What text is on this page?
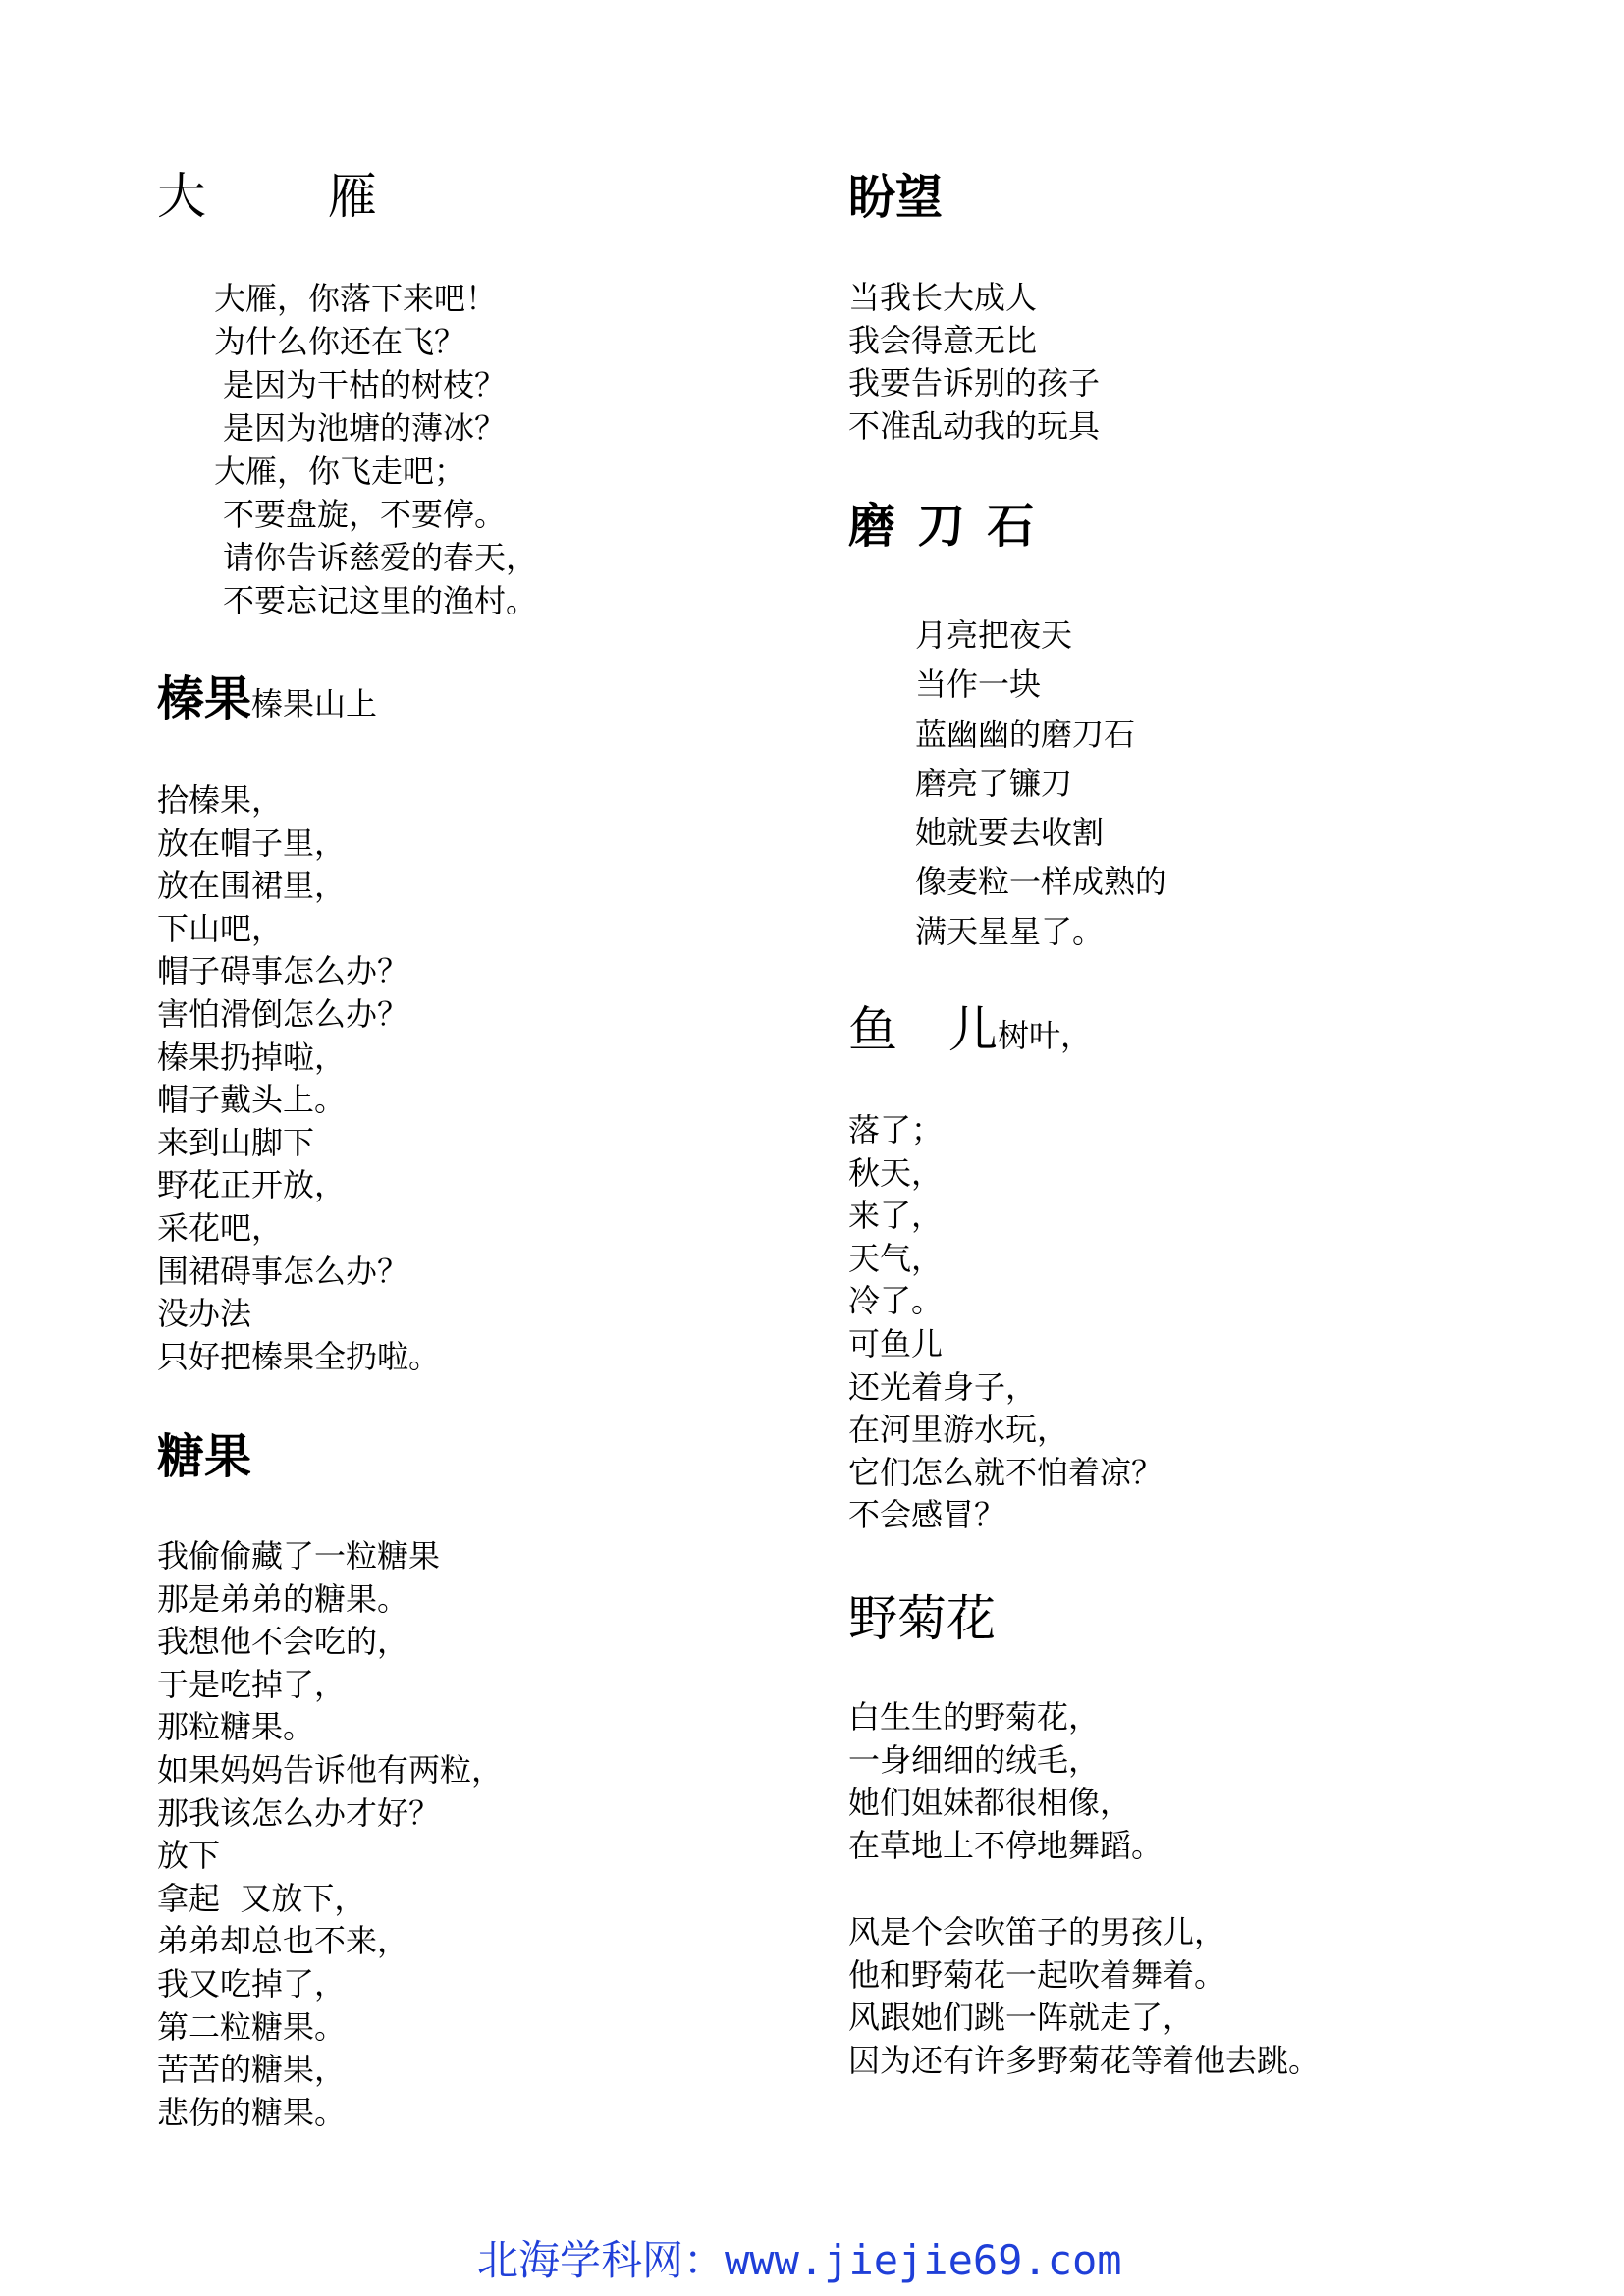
大 雁
大雁，你落下来吧！
为什么你还在飞？
是因为干枯的树枝？
是因为池塘的薄冰？
大雁，你飞走吧；
不要盘旋，不要停。
请你告诉慈爱的春天，
不要忘记这里的渔村。
榛果榛果山上
拾榛果，
放在帽子里，
放在围裙里，
下山吧，
帽子碍事怎么办？
害怕滑倒怎么办？
榛果扔掉啦，
帽子戴头上。
来到山脚下
野花正开放，
采花吧，
围裙碍事怎么办？
没办法
只好把榛果全扔啦。
糖果
我偷偷藏了一粒糖果
那是弟弟的糖果。
我想他不会吃的，
于是吃掉了，
那粒糖果。
如果妈妈告诉他有两粒，
那我该怎么办才好？
放下
拿起  又放下，
弟弟却总也不来，
我又吃掉了，
第二粒糖果。
苦苦的糖果，
悲伤的糖果。
盼望
当我长大成人
我会得意无比
我要告诉别的孩子
不准乱动我的玩具
磨 刀 石
月亮把夜天
当作一块
蓝幽幽的磨刀石
磨亮了镰刀
她就要去收割
像麦粒一样成熟的
满天星星了。
鱼 儿树叶，
落了；
秋天，
来了，
天气，
冷了。
可鱼儿
还光着身子，
在河里游水玩，
它们怎么就不怕着凉？
不会感冒？
野菊花
白生生的野菊花，
一身细细的绒毛，
她们姐妹都很相像，
在草地上不停地舞蹈。
风是个会吹笛子的男孩儿，
他和野菊花一起吹着舞着。
风跟她们跳一阵就走了，
因为还有许多野菊花等着他去跳。
北海学科网：www.jiejie69.com
